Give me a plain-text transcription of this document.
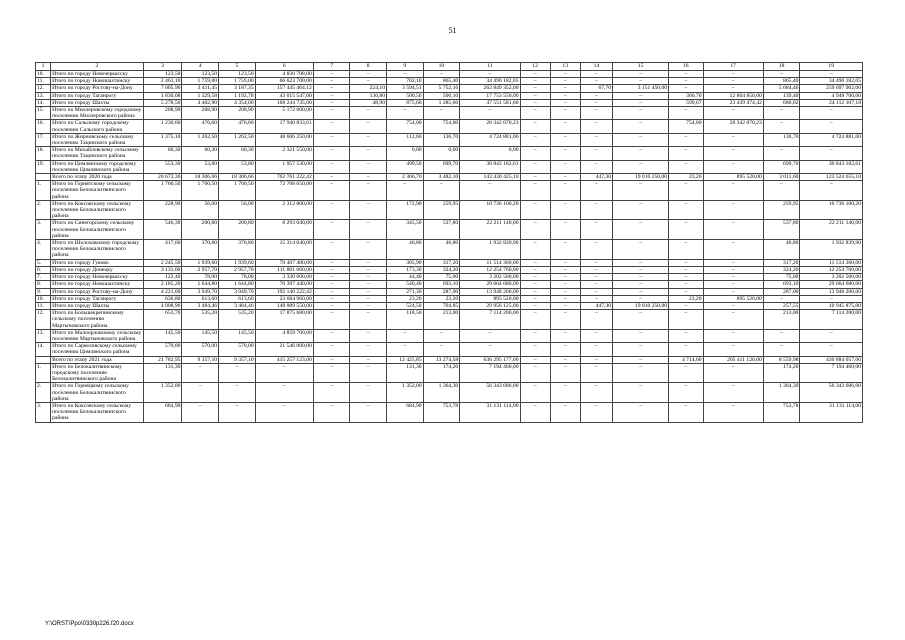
51
1	2	3	4	5	6	7	8	9	10	11	12	13	14	15	16	17	18	19
10.	Итого по городу Новочеркасску	123,50	123,50	123,50	4 830 708,00	–	–	–	–	–	–	–	–	–	–	–	–	–
11.	Итого по городу Новошахтинску	2 461,10	1 759,00	1 759,00	66 623 700,00	–	–	702,10	865,40	34 490 182,05	–	–	–	–	–	–	865,40	34 490 182,05
12.	Итого по городу Ростову-на-Дону	7 005,96	3 411,45	3 187,35	157 445 464,12	–	224,10	3 594,51	5 752,16	262 849 352,00	–	–	67,70	3 151 450,00	–	–	5 684,46	259 697 902,00
13.	Итого по городу Таганрогу	1 830,08	1 329,58	1 192,78	43 015 547,00	–	136,80	500,50	500,10	17 753 550,00	–	–	–	–	360,70	12 804 850,00	139,40	4 948 700,00
14.	Итого по городу Шахты	5 278,50	4 402,90	4 354,00	168 244 735,00	–	48,90	875,60	1 285,60	47 551 581,60	–	–	–	–	599,67	23 439 474,42	686,02	24 112 107,18
15.	Итого по Миллеровскому городскому поселению Миллеровского района	208,90	208,90	208,90	5 172 600,00	–	–	–	–	–	–	–	–	–	–	–	–	–
16.	Итого по Сальскому городскому поселению Сальского района	1 230,60	476,60	476,60	17 940 833,61	–	–	754,00	754,00	28 342 070,23	–	–	–	–	754,00	28 342 070,23	–	–
17.	Итого по Жирновскому сельскому поселению Тацинского района	1 375,10	1 262,50	1 262,50	48 606 250,00	–	–	112,60	136,70	4 724 881,00	–	–	–	–	–	–	136,70	4 724 881,00
18.	Итого по Михайловскому сельскому поселению Тацинского района	60,30	60,30	60,30	2 321 550,00	–	–	0,00	0,00	0,00	–	–	–	–	–	–	–	–
19.	Итого по Цимлянскому городскому поселению Цимлянского района	553,30	53,80	53,80	1 957 530,00	–	–	499,50	699,70	30 843 182,61	–	–	–	–	–	–	699,70	30 843 182,61
	Всего по этапу 2020 года	20 673,36	18 306,66	18 306,66	762 761 222,42	–	–	2 366,70	3 482,10	143 430 425,10	–	–	447,30	19 010 250,00	23,20	895 520,00	3 011,60	123 524 655,10
1.	Итого по Горнятскому сельскому поселению Белокалитвинского района	1 760,50	1 760,50	1 760,50	72 708 650,00	–	–	–	–	–	–	–	–	–	–	–	–	–
2.	Итого по Коксовскому сельскому поселению Белокалитвинского района	228,90	56,00	56,00	2 312 800,00	–	–	172,90	259,95	10 736 100,20	–	–	–	–	–	–	259,95	10 736 100,20
3.	Итого по Синегорскому сельскому поселению Белокалитвинского района	546,30	200,80	200,80	8 293 040,00	–	–	345,50	537,80	22 211 140,00	–	–	–	–	–	–	537,80	22 211 140,00
4.	Итого по Шолоховскому городскому поселению Белокалитвинского района	417,60	370,80	370,80	15 314 040,00	–	–	46,80	46,80	1 932 839,90	–	–	–	–	–	–	46,80	1 932 839,90
5.	Итого по городу Гуково	2 245,50	1 939,60	1 939,60	70 407 480,00	–	–	305,90	317,20	11 514 360,00	–	–	–	–	–	–	317,20	11 514 360,00
6.	Итого по городу Донецку	3 131,00	2 957,70	2 957,70	111 801 060,00	–	–	173,30	324,20	12 254 760,00	–	–	–	–	–	–	324,20	12 254 760,00
7.	Итого по городу Новочеркасску	122,40	78,00	78,00	3 330 600,00	–	–	44,40	75,00	3 202 500,00	–	–	–	–	–	–	75,00	3 202 500,00
8.	Итого по городу Новошахтинску	2 185,20	1 644,80	1 644,80	70 397 440,00	–	–	540,40	693,10	29 664 680,00	–	–	–	–	–	–	693,10	29 664 680,00
9.	Итого по городу Ростову-на-Дону	4 221,00	3 949,70	3 949,70	192 140 222,42	–	–	271,30	287,00	13 948 200,00	–	–	–	–	–	–	287,00	13 948 200,00
10.	Итого по городу Таганрогу	636,80	613,60	613,60	23 684 960,00	–	–	23,20	23,20	895 520,00	–	–	–	–	23,20	895 520,00	–	–
11.	Итого по городу Шахты	4 008,96	3 484,46	3 484,46	148 089 550,00	–	–	524,50	704,85	29 956 125,00	–	–	447,30	19 010 250,00	–	–	257,55	10 945 875,00
12.	Итого по Большекрепинскому сельскому поселению Мартыновского района	653,70	535,20	535,20	17 875 680,00	–	–	118,50	213,00	7 114 200,00	–	–	–	–	–	–	213,00	7 114 200,00
13.	Итого по Малоорловскому сельскому поселению Мартыновского района	145,50	145,50	145,50	4 859 700,00	–	–	–	–	–	–	–	–	–	–	–	–	–
14.	Итого по Саркеловскому сельскому поселению Цимлянского района	570,00	570,00	570,00	21 546 000,00	–	–	–	–	–	–	–	–	–	–	–	–	–
	Всего по этапу 2021 года	21 782,95	9 357,10	9 357,10	415 257 123,00	–	–	12 425,85	13 274,58	636 295 177,00	–	–	–	–	4 714,60	205 411 120,00	8 559,98	430 884 057,00
1.	Итого по Белокалитвинскому городскому поселению Белокалитвинского района	131,30	–	–	–	–	–	131,30	174,20	7 194 460,00	–	–	–	–	–	–	174,20	7 194 460,00
2.	Итого по Горняцкому сельскому поселению Белокалитвинского района	1 352,00	–	–	–	–	–	1 352,00	1 364,30	56 343 686,00	–	–	–	–	–	–	1 364,30	56 343 686,00
3.	Итого по Коксовскому сельскому поселению Белокалитвинского района	684,90	–	–	–	–	–	684,90	753,78	31 131 114,00	–	–	–	–	–	–	753,78	31 131 114,00
Y:\ORST\Ppo\0330p226.f20.docx
